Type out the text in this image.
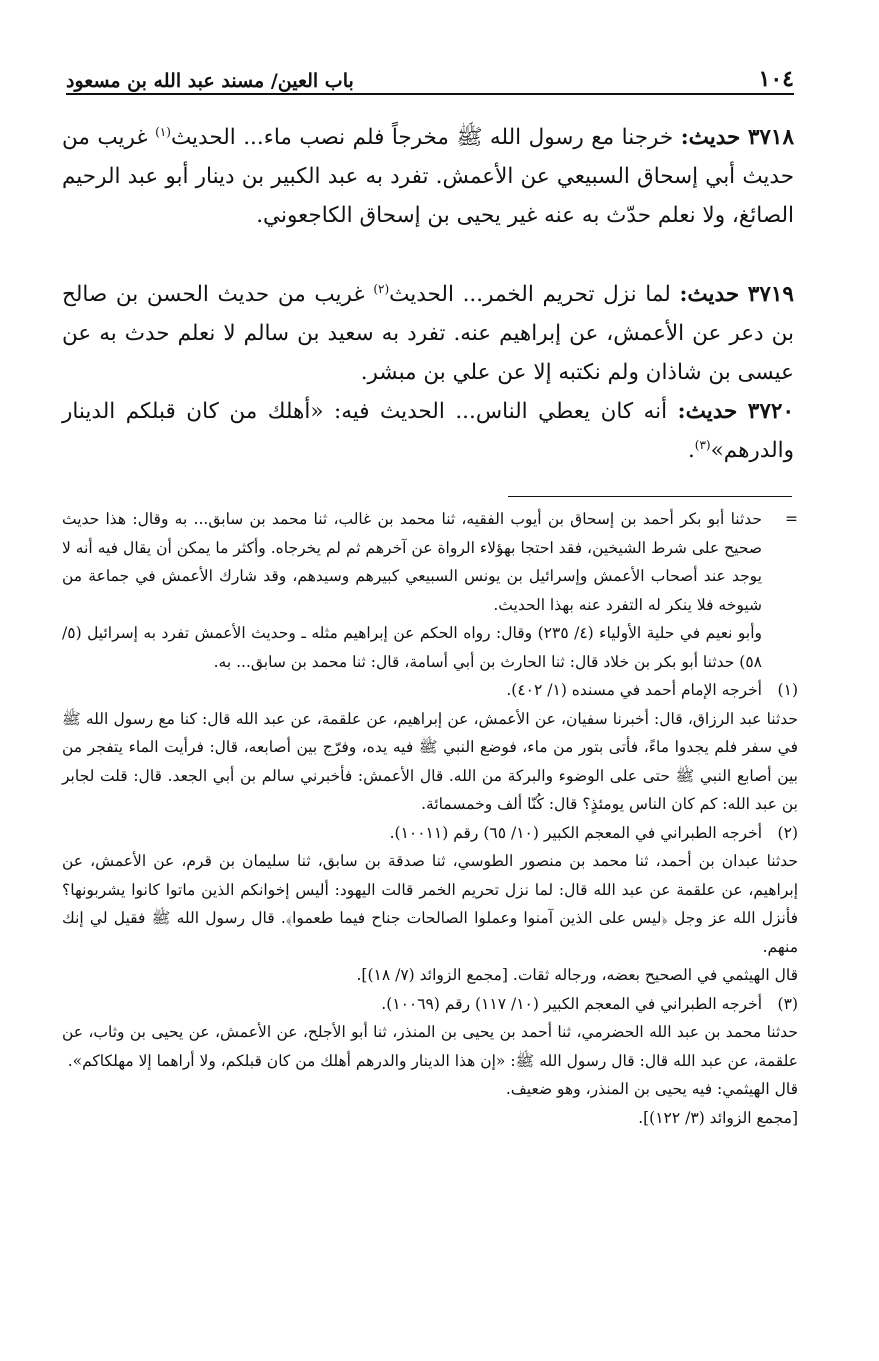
١٠٤
باب العين/ مسند عبد الله بن مسعود

٣٧١٨ حديث: خرجنا مع رسول الله ﷺ مخرجاً فلم نصب ماء... الحديث$^{(١)}$ غريب من حديث أبي إسحاق السبيعي عن الأعمش. تفرد به عبد الكبير بن دينار أبو عبد الرحيم الصائغ، ولا نعلم حدّث به عنه غير يحيى بن إسحاق الكاجعوني.

٣٧١٩ حديث: لما نزل تحريم الخمر... الحديث$^{(٢)}$ غريب من حديث الحسن بن صالح بن دعر عن الأعمش، عن إبراهيم عنه. تفرد به سعيد بن سالم لا نعلم حدث به عن عيسى بن شاذان ولم نكتبه إلا عن علي بن مبشر.

٣٧٢٠ حديث: أنه كان يعطي الناس... الحديث فيه: «أهلك من كان قبلكم الدينار والدرهم»$^{(٣)}$.

=

حدثنا أبو بكر أحمد بن إسحاق بن أيوب الفقيه، ثنا محمد بن غالب، ثنا محمد بن سابق... به وقال: هذا حديث صحيح على شرط الشيخين، فقد احتجا بهؤلاء الرواة عن آخرهم ثم لم يخرجاه. وأكثر ما يمكن أن يقال فيه أنه لا يوجد عند أصحاب الأعمش وإسرائيل بن يونس السبيعي كبيرهم وسيدهم، وقد شارك الأعمش في جماعة من شيوخه فلا ينكر له التفرد عنه بهذا الحديث.

وأبو نعيم في حلية الأولياء (٤/ ٢٣٥) وقال: رواه الحكم عن إبراهيم مثله ـ وحديث الأعمش تفرد به إسرائيل (٥/ ٥٨) حدثنا أبو بكر بن خلاد قال: ثنا الحارث بن أبي أسامة، قال: ثنا محمد بن سابق... به.

(١)
أخرجه الإمام أحمد في مسنده (١/ ٤٠٢).

حدثنا عبد الرزاق، قال: أخبرنا سفيان، عن الأعمش، عن إبراهيم، عن علقمة، عن عبد الله قال: كنا مع رسول الله ﷺ في سفر فلم يجدوا ماءً، فأتى بتور من ماء، فوضع النبي ﷺ فيه يده، وفرّج بين أصابعه، قال: فرأيت الماء يتفجر من بين أصابع النبي ﷺ حتى على الوضوء والبركة من الله. قال الأعمش: فأخبرني سالم بن أبي الجعد. قال: قلت لجابر بن عبد الله: كم كان الناس يومئذٍ؟ قال: كُنّا ألف وخمسمائة.

(٢)
أخرجه الطبراني في المعجم الكبير (١٠/ ٦٥) رقم (١٠٠١١).

حدثنا عبدان بن أحمد، ثنا محمد بن منصور الطوسي، ثنا صدقة بن سابق، ثنا سليمان بن قرم، عن الأعمش، عن إبراهيم، عن علقمة عن عبد الله قال: لما نزل تحريم الخمر قالت اليهود: أليس إخوانكم الذين ماتوا كانوا يشربونها؟ فأنزل الله عز وجل ﴿ليس على الذين آمنوا وعملوا الصالحات جناح فيما طعموا﴾. قال رسول الله ﷺ فقيل لي إنك منهم.

قال الهيثمي في الصحيح بعضه، ورجاله ثقات. [مجمع الزوائد (٧/ ١٨)].

(٣)
أخرجه الطبراني في المعجم الكبير (١٠/ ١١٧) رقم (١٠٠٦٩).

حدثنا محمد بن عبد الله الحضرمي، ثنا أحمد بن يحيى بن المنذر، ثنا أبو الأجلح، عن الأعمش، عن يحيى بن وثاب، عن علقمة، عن عبد الله قال: قال رسول الله ﷺ: «إن هذا الدينار والدرهم أهلك من كان قبلكم، ولا أراهما إلا مهلكاكم».

قال الهيثمي: فيه يحيى بن المنذر، وهو ضعيف.

[مجمع الزوائد (٣/ ١٢٢)].
